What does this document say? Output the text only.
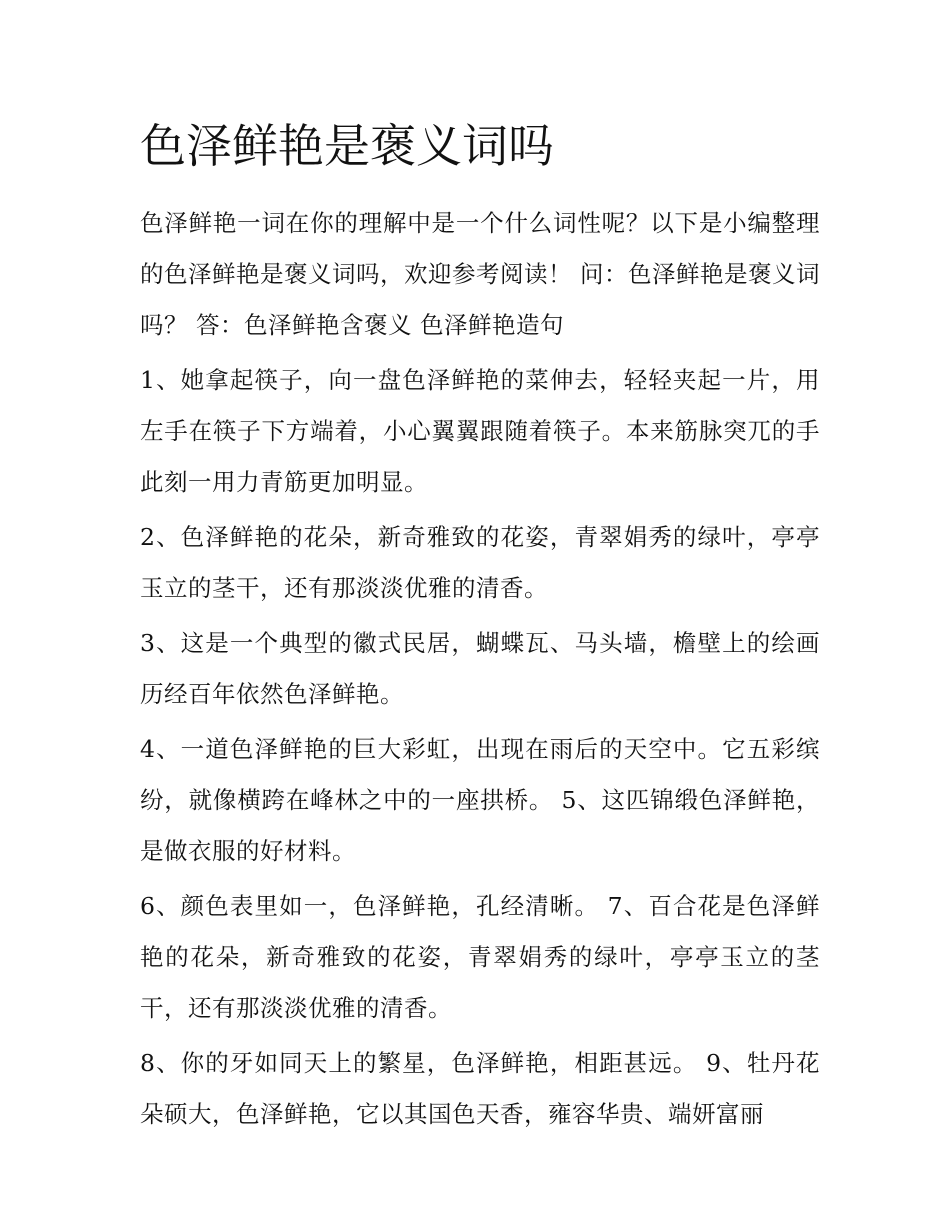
色泽鲜艳是褒义词吗

色泽鲜艳一词在你的理解中是一个什么词性呢？以下是小编整理的色泽鲜艳是褒义词吗，欢迎参考阅读！ 问：色泽鲜艳是褒义词吗？ 答：色泽鲜艳含褒义 色泽鲜艳造句

1、她拿起筷子，向一盘色泽鲜艳的菜伸去，轻轻夹起一片，用左手在筷子下方端着，小心翼翼跟随着筷子。本来筋脉突兀的手此刻一用力青筋更加明显。

2、色泽鲜艳的花朵，新奇雅致的花姿，青翠娟秀的绿叶，亭亭玉立的茎干，还有那淡淡优雅的清香。

3、这是一个典型的徽式民居，蝴蝶瓦、马头墙，檐壁上的绘画历经百年依然色泽鲜艳。

4、一道色泽鲜艳的巨大彩虹，出现在雨后的天空中。它五彩缤纷，就像横跨在峰林之中的一座拱桥。 5、这匹锦缎色泽鲜艳，是做衣服的好材料。

6、颜色表里如一，色泽鲜艳，孔经清晰。 7、百合花是色泽鲜艳的花朵，新奇雅致的花姿，青翠娟秀的绿叶，亭亭玉立的茎干，还有那淡淡优雅的清香。

8、你的牙如同天上的繁星，色泽鲜艳，相距甚远。 9、牡丹花朵硕大，色泽鲜艳，它以其国色天香，雍容华贵、端妍富丽
